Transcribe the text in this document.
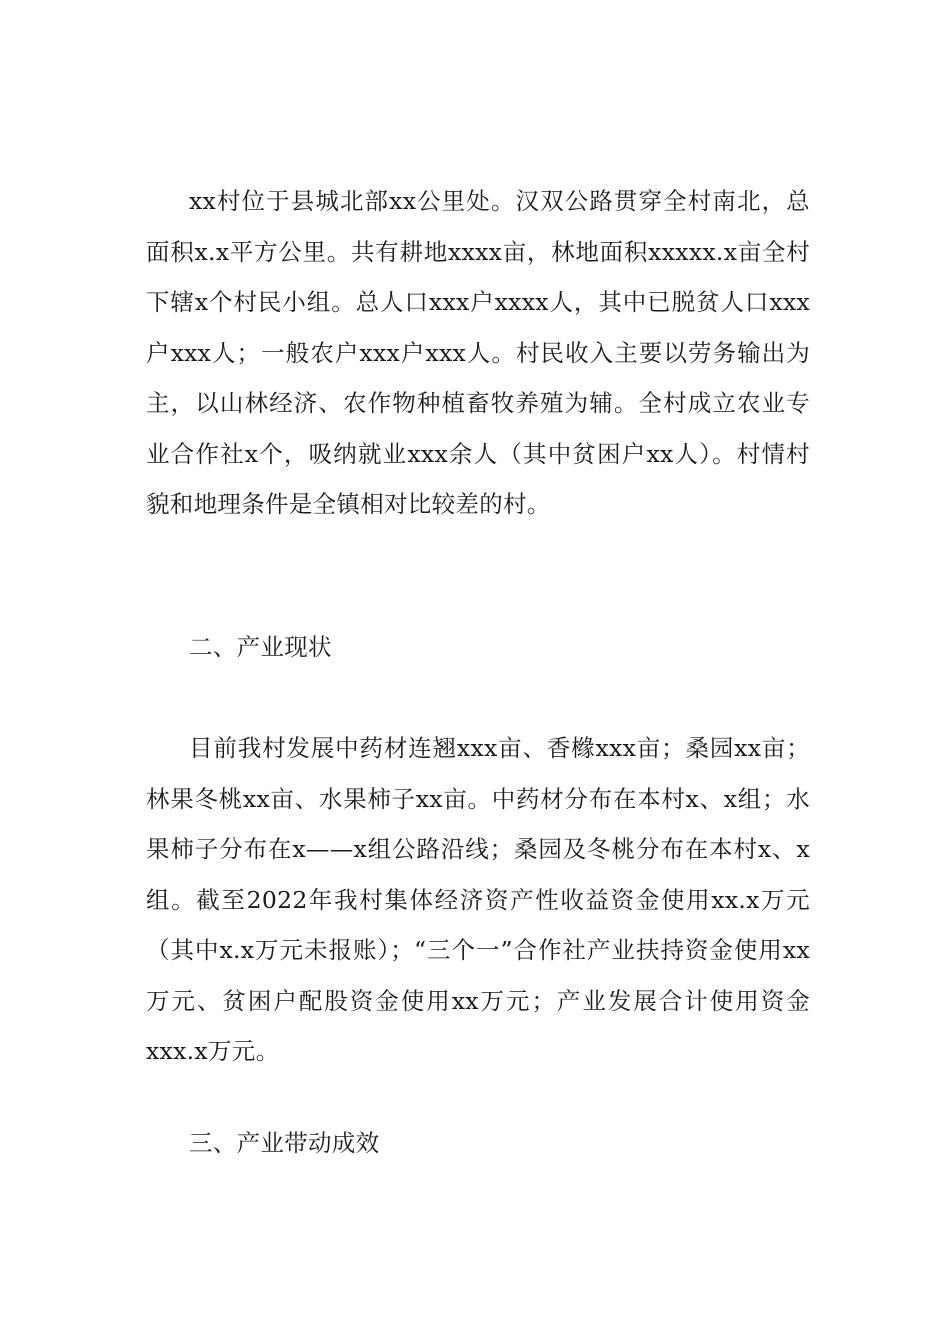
xx村位于县城北部xx公里处。汉双公路贯穿全村南北，总面积x.x平方公里。共有耕地xxxx亩，林地面积xxxxx.x亩全村下辖x个村民小组。总人口xxx户xxxx人，其中已脱贫人口xxx户xxx人；一般农户xxx户xxx人。村民收入主要以劳务输出为主，以山林经济、农作物种植畜牧养殖为辅。全村成立农业专业合作社x个，吸纳就业xxx余人（其中贫困户xx人）。村情村貌和地理条件是全镇相对比较差的村。

二、产业现状

目前我村发展中药材连翘xxx亩、香橼xxx亩；桑园xx亩；林果冬桃xx亩、水果柿子xx亩。中药材分布在本村x、x组；水果柿子分布在x——x组公路沿线；桑园及冬桃分布在本村x、x组。截至2022年我村集体经济资产性收益资金使用xx.x万元（其中x.x万元未报账）；“三个一”合作社产业扶持资金使用xx万元、贫困户配股资金使用xx万元；产业发展合计使用资金xxx.x万元。

三、产业带动成效
